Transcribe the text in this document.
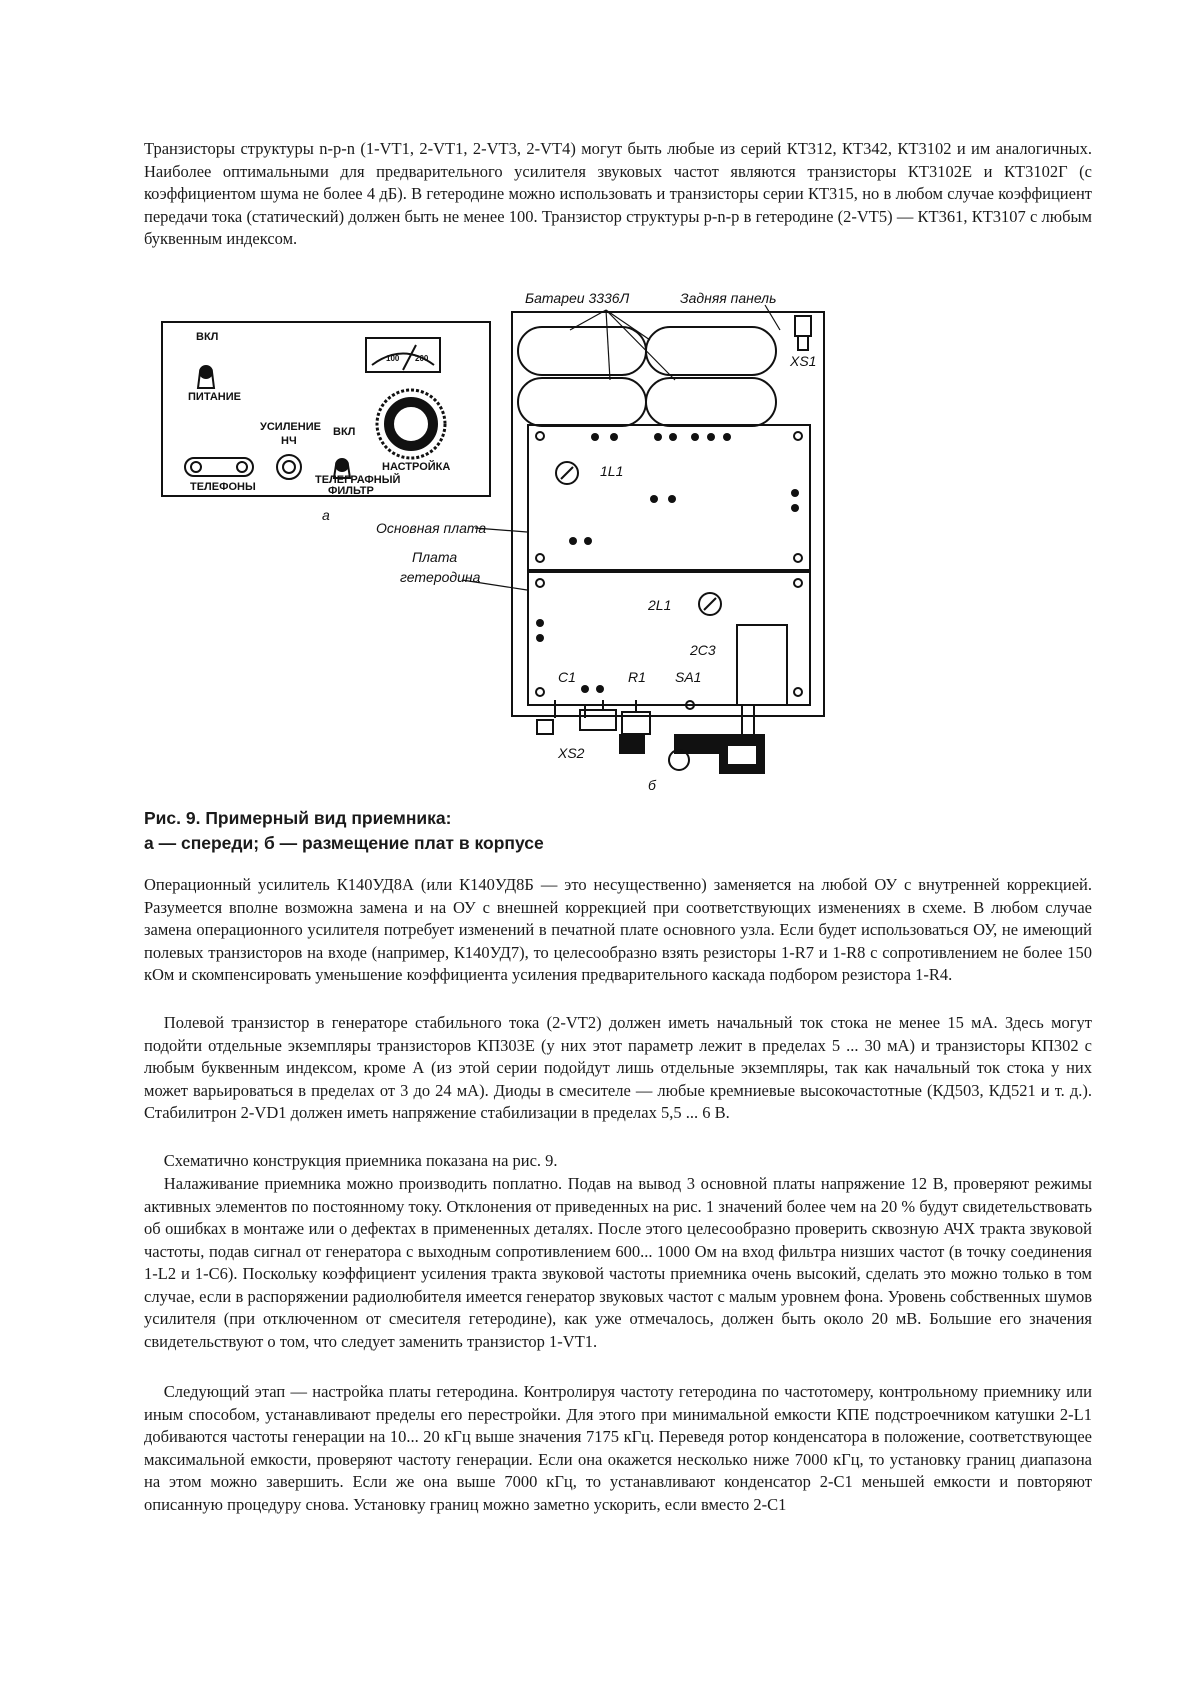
Транзисторы структуры n-p-n (1-VT1, 2-VT1, 2-VT3, 2-VT4) могут быть любые из серий КТ312, КТ342, КТ3102 и им аналогичных. Наиболее оптимальными для предварительного усилителя звуковых частот являются транзисторы КТ3102Е и КТ3102Г (с коэффициентом шума не более 4 дБ). В гетеродине можно использовать и транзисторы серии КТ315, но в любом случае коэффициент передачи тока (статический) должен быть не менее 100. Транзистор структуры p-n-p в гетеродине (2-VT5) — КТ361, КТ3107 с любым буквенным индексом.

ВКЛ
ПИТАНИЕ
УСИЛЕНИЕ
НЧ
ВКЛ
ТЕЛЕФОНЫ
ТЕЛЕГРАФНЫЙ
ФИЛЬТР
НАСТРОЙКА
100 200
а
Батареи 3336Л	Задняя панель
XS1
1L1
Основная плата
Плата
гетеродина
2L1
2C3
C1	R1 SA1
XS2
б
Рис. 9. Примерный вид приемника:
а — спереди; б — размещение плат в корпусе

Операционный усилитель К140УД8А (или К140УД8Б — это несущественно) заменяется на любой ОУ с внутренней коррекцией. Разумеется вполне возможна замена и на ОУ с внешней коррекцией при соответствующих изменениях в схеме. В любом случае замена операционного усилителя потребует изменений в печатной плате основного узла. Если будет использоваться ОУ, не имеющий полевых транзисторов на входе (например, К140УД7), то целесообразно взять резисторы 1-R7 и 1-R8 с сопротивлением не более 150 кОм и скомпенсировать уменьшение коэффициента усиления предварительного каскада подбором резистора 1-R4.

Полевой транзистор в генераторе стабильного тока (2-VT2) должен иметь начальный ток стока не менее 15 мА. Здесь могут подойти отдельные экземпляры транзисторов КП303Е (у них этот параметр лежит в пределах 5 ... 30 мА) и транзисторы КП302 с любым буквенным индексом, кроме А (из этой серии подойдут лишь отдельные экземпляры, так как начальный ток стока у них может варьироваться в пределах от 3 до 24 мА). Диоды в смесителе — любые кремниевые высокочастотные (КД503, КД521 и т. д.). Стабилитрон 2-VD1 должен иметь напряжение стабилизации в пределах 5,5 ... 6 В.

Схематично конструкция приемника показана на рис. 9.

Налаживание приемника можно производить поплатно. Подав на вывод 3 основной платы напряжение 12 В, проверяют режимы активных элементов по постоянному току. Отклонения от приведенных на рис. 1 значений более чем на 20 % будут свидетельствовать об ошибках в монтаже или о дефектах в примененных деталях. После этого целесообразно проверить сквозную АЧХ тракта звуковой частоты, подав сигнал от генератора с выходным сопротивлением 600... 1000 Ом на вход фильтра низших частот (в точку соединения 1-L2 и 1-C6). Поскольку коэффициент усиления тракта звуковой частоты приемника очень высокий, сделать это можно только в том случае, если в распоряжении радиолюбителя имеется генератор звуковых частот с малым уровнем фона. Уровень собственных шумов усилителя (при отключенном от смесителя гетеродине), как уже отмечалось, должен быть около 20 мВ. Большие его значения свидетельствуют о том, что следует заменить транзистор 1-VT1.

Следующий этап — настройка платы гетеродина. Контролируя частоту гетеродина по частотомеру, контрольному приемнику или иным способом, устанавливают пределы его перестройки. Для этого при минимальной емкости КПЕ подстроечником катушки 2-L1 добиваются частоты генерации на 10... 20 кГц выше значения 7175 кГц. Переведя ротор конденсатора в положение, соответствующее максимальной емкости, проверяют частоту генерации. Если она окажется несколько ниже 7000 кГц, то установку границ диапазона на этом можно завершить. Если же она выше 7000 кГц, то устанавливают конденсатор 2-C1 меньшей емкости и повторяют описанную процедуру снова. Установку границ можно заметно ускорить, если вместо 2-C1
